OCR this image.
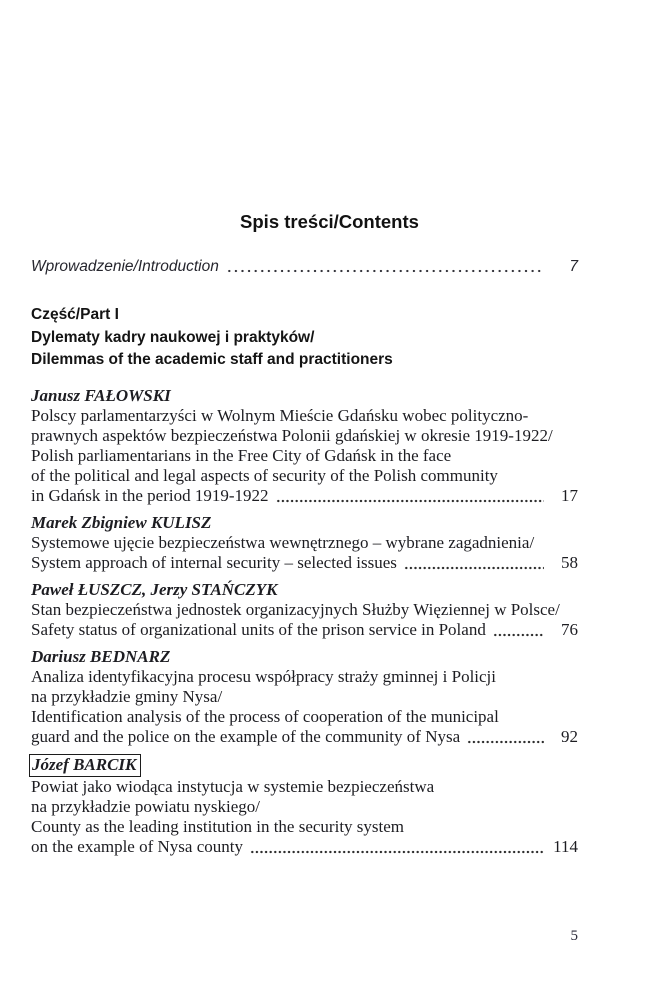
Spis treści/Contents
Wprowadzenie/Introduction	7
Część/Part I
Dylematy kadry naukowej i praktyków/
Dilemmas of the academic staff and practitioners
Janusz FAŁOWSKI
Polscy parlamentarzyści w Wolnym Mieście Gdańsku wobec polityczno-
prawnych aspektów bezpieczeństwa Polonii gdańskiej w okresie 1919-1922/
Polish parliamentarians in the Free City of Gdańsk in the face
of the political and legal aspects of security of the Polish community
in Gdańsk in the period 1919-1922	17
Marek Zbigniew KULISZ
Systemowe ujęcie bezpieczeństwa wewnętrznego – wybrane zagadnienia/
System approach of internal security – selected issues	58
Paweł ŁUSZCZ, Jerzy STAŃCZYK
Stan bezpieczeństwa jednostek organizacyjnych Służby Więziennej w Polsce/
Safety status of organizational units of the prison service in Poland	76
Dariusz BEDNARZ
Analiza identyfikacyjna procesu współpracy straży gminnej i Policji
na przykładzie gminy Nysa/
Identification analysis of the process of cooperation of the municipal
guard and the police on the example of the community of Nysa	92
Józef BARCIK
Powiat jako wiodąca instytucja w systemie bezpieczeństwa
na przykładzie powiatu nyskiego/
County as the leading institution in the security system
on the example of Nysa county	114
5
